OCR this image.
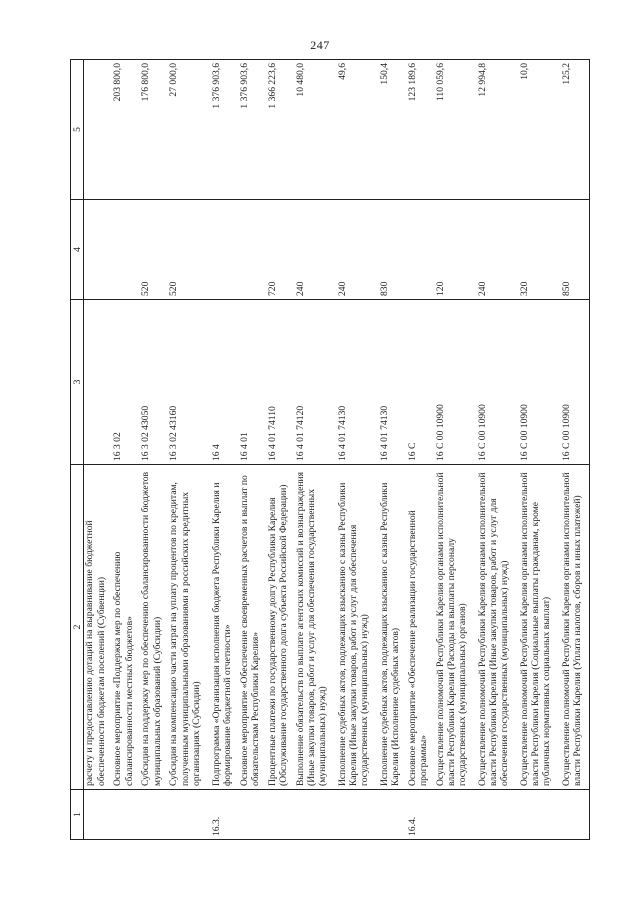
247
1	2	3	4	5
	расчету и предоставлению дотаций на выравнивание бюджетной обеспеченности бюджетам поселений (Субвенции)			
	Основное мероприятие «Поддержка мер по обеспечению сбалансированности местных бюджетов»	16 3 02		203 800,0
	Субсидия на поддержку мер по обеспечению сбалансированности бюджетов муниципальных образований (Субсидии)	16 3 02 43050	520	176 800,0
	Субсидия на компенсацию части затрат на уплату процентов по кредитам, полученным муниципальными образованиями в российских кредитных организациях (Субсидии)	16 3 02 43160	520	27 000,0
16.3.	Подпрограмма «Организация исполнения бюджета Республики Карелия и формирование бюджетной отчетности»	16 4		1 376 903,6
	Основное мероприятие «Обеспечение своевременных расчетов и выплат по обязательствам Республики Карелия»	16 4 01		1 376 903,6
	Процентные платежи по государственному долгу Республики Карелия (Обслуживание государственного долга субъекта Российской Федерации)	16 4 01 74110	720	1 366 223,6
	Выполнение обязательств по выплате агентских комиссий и вознаграждения (Иные закупки товаров, работ и услуг для обеспечения государственных (муниципальных) нужд)	16 4 01 74120	240	10 480,0
	Исполнение судебных актов, подлежащих взысканию с казны Республики Карелия (Иные закупки товаров, работ и услуг для обеспечения государственных (муниципальных) нужд)	16 4 01 74130	240	49,6
	Исполнение судебных актов, подлежащих взысканию с казны Республики Карелия (Исполнение судебных актов)	16 4 01 74130	830	150,4
16.4.	Основное мероприятие «Обеспечение реализации государственной программы»	16 С		123 189,6
	Осуществление полномочий Республики Карелия органами исполнительной власти Республики Карелия (Расходы на выплаты персоналу государственных (муниципальных) органов)	16 С 00 10900	120	110 059,6
	Осуществление полномочий Республики Карелия органами исполнительной власти Республики Карелия (Иные закупки товаров, работ и услуг для обеспечения государственных (муниципальных) нужд)	16 С 00 10900	240	12 994,8
	Осуществление полномочий Республики Карелия органами исполнительной власти Республики Карелия (Социальные выплаты гражданам, кроме публичных нормативных социальных выплат)	16 С 00 10900	320	10,0
	Осуществление полномочий Республики Карелия органами исполнительной власти Республики Карелия (Уплата налогов, сборов и иных платежей)	16 С 00 10900	850	125,2
